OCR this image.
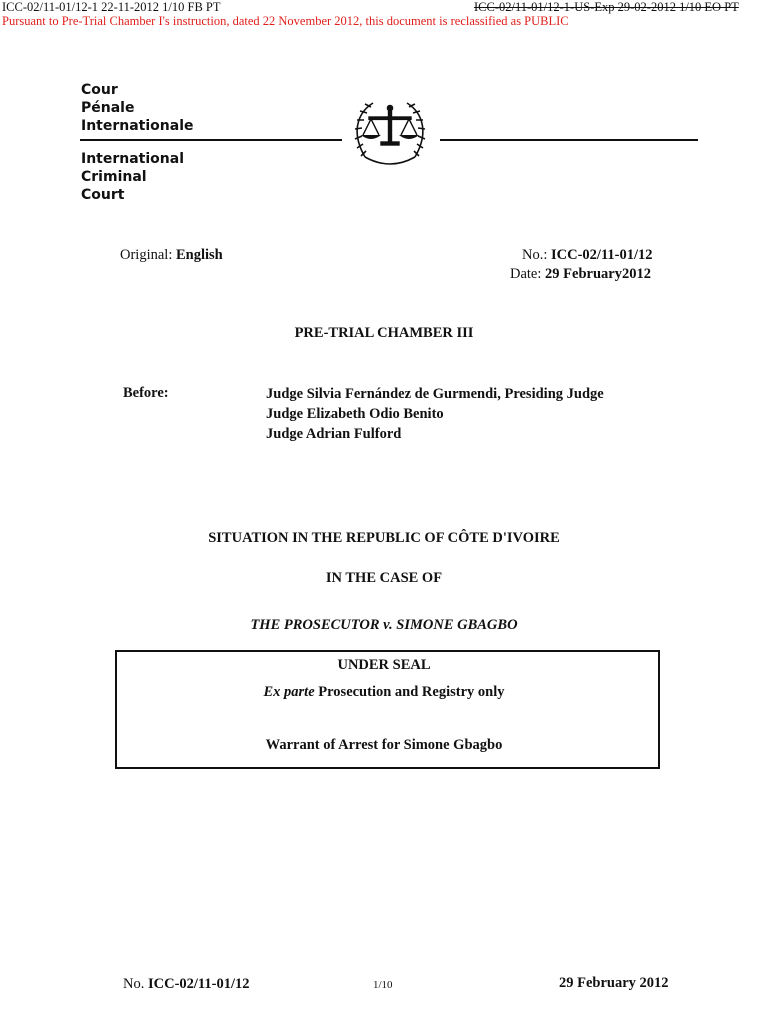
ICC-02/11-01/12-1 22-11-2012 1/10 FB PT	ICC-02/11-01/12-1-US-Exp 29-02-2012 1/10 EO PT
Pursuant to Pre-Trial Chamber I's instruction, dated 22 November 2012, this document is reclassified as PUBLIC
Cour
Pénale
Internationale
International
Criminal
Court
Original: English	No.: ICC-02/11-01/12
Date: 29 February2012
PRE-TRIAL CHAMBER III
Before:	Judge Silvia Fernández de Gurmendi, Presiding Judge
Judge Elizabeth Odio Benito
Judge Adrian Fulford
SITUATION IN THE REPUBLIC OF CÔTE D'IVOIRE
IN THE CASE OF
THE PROSECUTOR v. SIMONE GBAGBO
UNDER SEAL
Ex parte Prosecution and Registry only
Warrant of Arrest for Simone Gbagbo
No. ICC-02/11-01/12	1/10	29 February 2012
